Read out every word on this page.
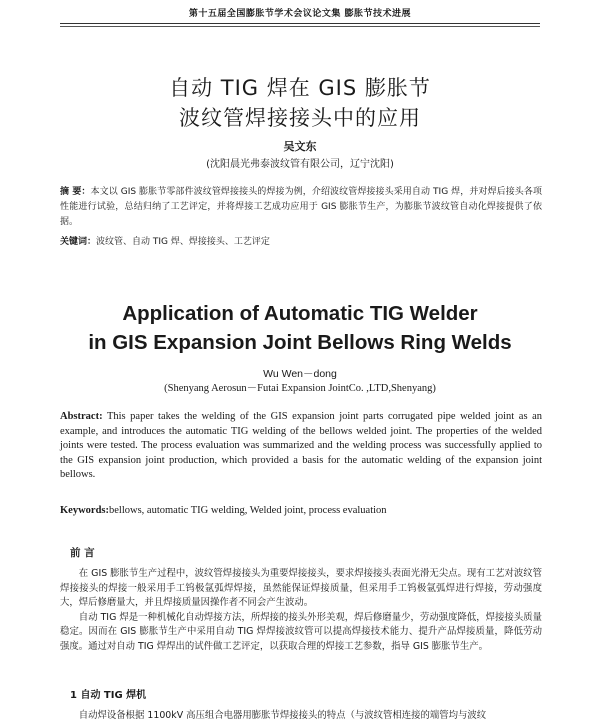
第十五届全国膨胀节学术会议论文集 膨胀节技术进展
自动 TIG 焊在 GIS 膨胀节
波纹管焊接接头中的应用
吴文东
(沈阳晨光弗泰波纹管有限公司，辽宁沈阳)
摘 要：本文以 GIS 膨胀节零部件波纹管焊接接头的焊接为例，介绍波纹管焊接接头采用自动 TIG 焊，并对焊后接头各项性能进行试验，总结归纳了工艺评定，并将焊接工艺成功应用于 GIS 膨胀节生产，为膨胀节波纹管自动化焊接提供了依据。
关键词：波纹管、自动 TIG 焊、焊接接头、工艺评定
Application of Automatic TIG Welder
in GIS Expansion Joint Bellows Ring Welds
Wu Wen－dong
(Shenyang Aerosun－Futai Expansion JointCo. ,LTD,Shenyang)
Abstract: This paper takes the welding of the GIS expansion joint parts corrugated pipe welded joint as an example, and introduces the automatic TIG welding of the bellows welded joint. The properties of the welded joints were tested. The process evaluation was summarized and the welding process was successfully applied to the GIS expansion joint production, which provided a basis for the automatic welding of the expansion joint bellows.
Keywords:bellows, automatic TIG welding, Welded joint, process evaluation
前 言

在 GIS 膨胀节生产过程中，波纹管焊接接头为重要焊接接头，要求焊接接头表面光滑无尖点。现有工艺对波纹管焊接接头的焊接一般采用手工钨极氩弧焊焊接，虽然能保证焊接质量，但采用手工钨极氩弧焊进行焊接，劳动强度大，焊后修磨量大，并且焊接质量因操作者不同会产生波动。

自动 TIG 焊是一种机械化自动焊接方法，所焊接的接头外形美观，焊后修磨量少，劳动强度降低，焊接接头质量稳定。因而在 GIS 膨胀节生产中采用自动 TIG 焊焊接波纹管可以提高焊接技术能力、提升产品焊接质量，降低劳动强度。通过对自动 TIG 焊焊出的试件做工艺评定，以获取合理的焊接工艺参数，指导 GIS 膨胀节生产。

1 自动 TIG 焊机
自动焊设备根据 1100kV 高压组合电器用膨胀节焊接接头的特点（与波纹管相连接的端管均与波纹
